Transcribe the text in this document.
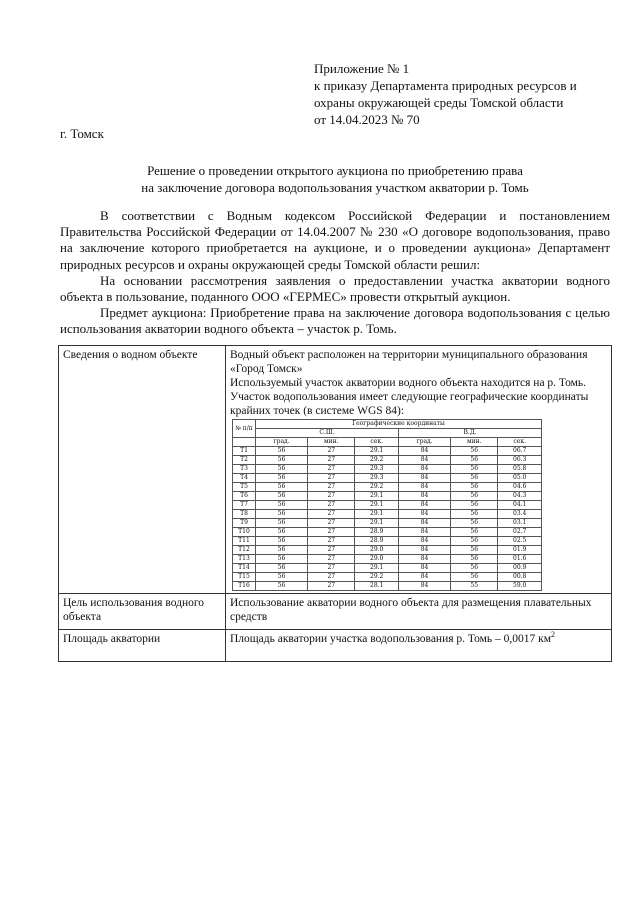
Приложение № 1
к приказу Департамента природных ресурсов и
охраны окружающей среды Томской области
от 14.04.2023 № 70
г. Томск
Решение о проведении открытого аукциона по приобретению права
на заключение договора водопользования участком акватории р. Томь

В соответствии с Водным кодексом Российской Федерации и постановлением Правительства Российской Федерации от 14.04.2007 № 230 «О договоре водопользования, право на заключение которого приобретается на аукционе, и о проведении аукциона» Департамент природных ресурсов и охраны окружающей среды Томской области решил:

На основании рассмотрения заявления о предоставлении участка акватории водного объекта в пользование, поданного ООО «ГЕРМЕС» провести открытый аукцион.

Предмет аукциона: Приобретение права на заключение договора водопользования с целью использования акватории водного объекта – участок р. Томь.

Сведения о водном объекте	Водный объект расположен на территории муниципального образования «Город Томск»
Используемый участок акватории водного объекта находится на р. Томь.
Участок водопользования имеет следующие географические координаты крайних точек (в системе WGS 84):
№ п/п	Географические координаты
С.Ш.	В.Д.
	град.	мин.	сек.	град.	мин.	сек.
Т1	56	27	29.1	84	56	06.7
Т2	56	27	29.2	84	56	06.3
Т3	56	27	29.3	84	56	05.8
Т4	56	27	29.3	84	56	05.0
Т5	56	27	29.2	84	56	04.6
Т6	56	27	29.1	84	56	04.3
Т7	56	27	29.1	84	56	04.1
Т8	56	27	29.1	84	56	03.4
Т9	56	27	29.1	84	56	03.1
Т10	56	27	28.9	84	56	02.7
Т11	56	27	28.9	84	56	02.5
Т12	56	27	29.0	84	56	01.9
Т13	56	27	29.0	84	56	01.6
Т14	56	27	29.1	84	56	00.9
Т15	56	27	29.2	84	56	00.8
Т16	56	27	28.1	84	55	59.0

Цель использования водного объекта	Использование акватории водного объекта для размещения плавательных средств
Площадь акватории	Площадь акватории участка водопользования р. Томь – 0,0017 $км^2$
